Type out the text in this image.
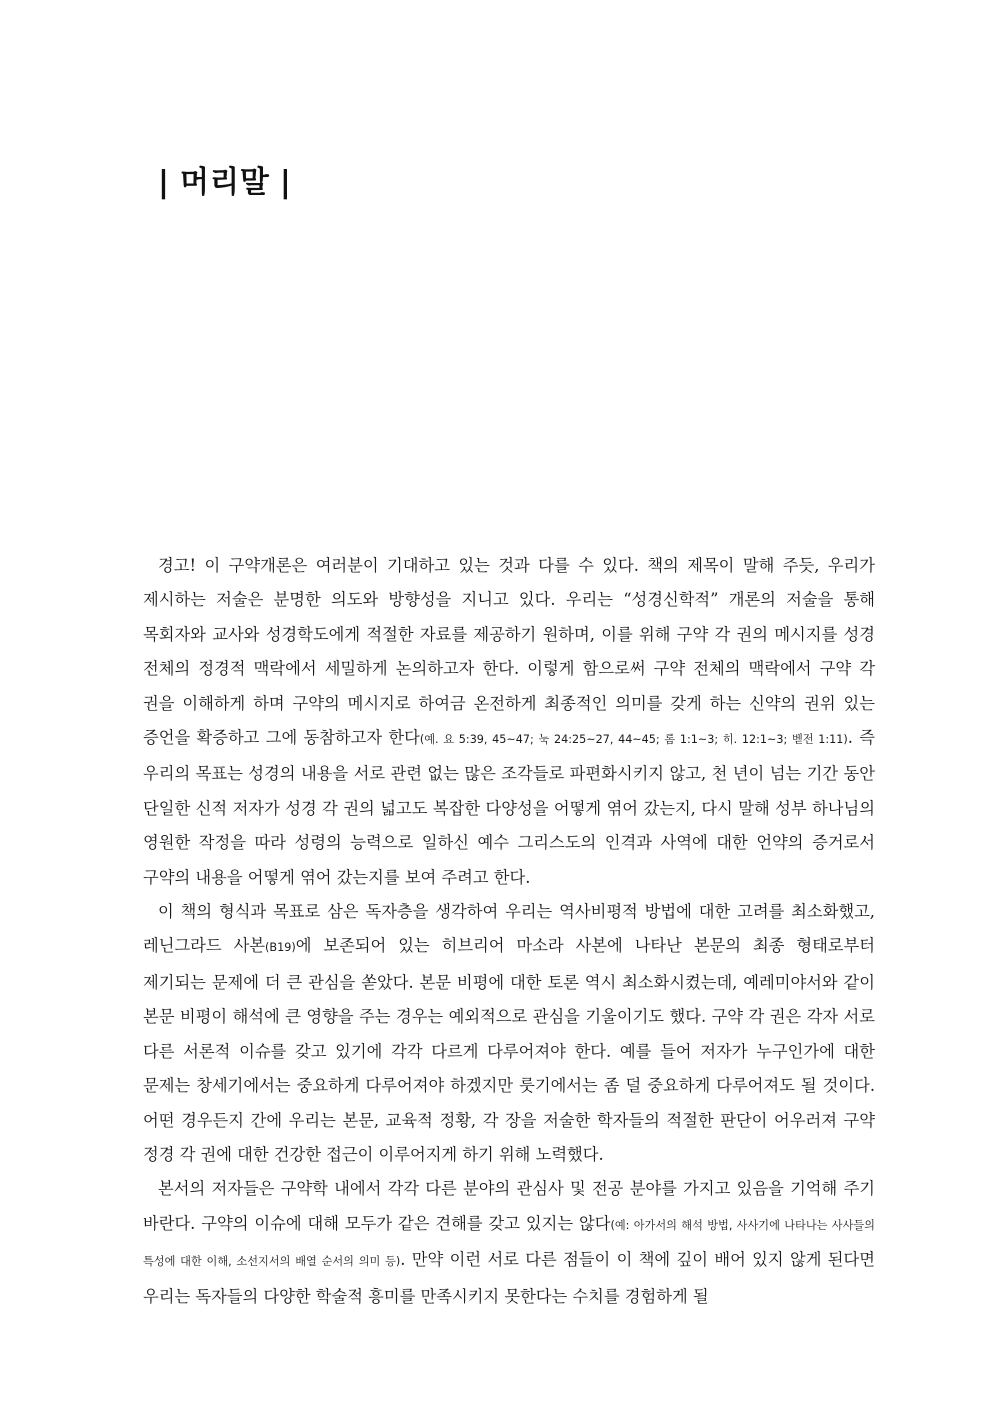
| 머리말 |

경고! 이 구약개론은 여러분이 기대하고 있는 것과 다를 수 있다. 책의 제목이 말해 주듯, 우리가 제시하는 저술은 분명한 의도와 방향성을 지니고 있다. 우리는 “성경신학적” 개론의 저술을 통해 목회자와 교사와 성경학도에게 적절한 자료를 제공하기 원하며, 이를 위해 구약 각 권의 메시지를 성경 전체의 정경적 맥락에서 세밀하게 논의하고자 한다. 이렇게 함으로써 구약 전체의 맥락에서 구약 각 권을 이해하게 하며 구약의 메시지로 하여금 온전하게 최종적인 의미를 갖게 하는 신약의 권위 있는 증언을 확증하고 그에 동참하고자 한다(예. 요 5:39, 45~47; 눅 24:25~27, 44~45; 롬 1:1~3; 히. 12:1~3; 벧전 1:11). 즉 우리의 목표는 성경의 내용을 서로 관련 없는 많은 조각들로 파편화시키지 않고, 천 년이 넘는 기간 동안 단일한 신적 저자가 성경 각 권의 넓고도 복잡한 다양성을 어떻게 엮어 갔는지, 다시 말해 성부 하나님의 영원한 작정을 따라 성령의 능력으로 일하신 예수 그리스도의 인격과 사역에 대한 언약의 증거로서 구약의 내용을 어떻게 엮어 갔는지를 보여 주려고 한다.

이 책의 형식과 목표로 삼은 독자층을 생각하여 우리는 역사비평적 방법에 대한 고려를 최소화했고, 레닌그라드 사본(B19)에 보존되어 있는 히브리어 마소라 사본에 나타난 본문의 최종 형태로부터 제기되는 문제에 더 큰 관심을 쏟았다. 본문 비평에 대한 토론 역시 최소화시켰는데, 예레미야서와 같이 본문 비평이 해석에 큰 영향을 주는 경우는 예외적으로 관심을 기울이기도 했다. 구약 각 권은 각자 서로 다른 서론적 이슈를 갖고 있기에 각각 다르게 다루어져야 한다. 예를 들어 저자가 누구인가에 대한 문제는 창세기에서는 중요하게 다루어져야 하겠지만 룻기에서는 좀 덜 중요하게 다루어져도 될 것이다. 어떤 경우든지 간에 우리는 본문, 교육적 정황, 각 장을 저술한 학자들의 적절한 판단이 어우러져 구약 정경 각 권에 대한 건강한 접근이 이루어지게 하기 위해 노력했다.

본서의 저자들은 구약학 내에서 각각 다른 분야의 관심사 및 전공 분야를 가지고 있음을 기억해 주기 바란다. 구약의 이슈에 대해 모두가 같은 견해를 갖고 있지는 않다(예: 아가서의 해석 방법, 사사기에 나타나는 사사들의 특성에 대한 이해, 소선지서의 배열 순서의 의미 등). 만약 이런 서로 다른 점들이 이 책에 깊이 배어 있지 않게 된다면 우리는 독자들의 다양한 학술적 흥미를 만족시키지 못한다는 수치를 경험하게 될
